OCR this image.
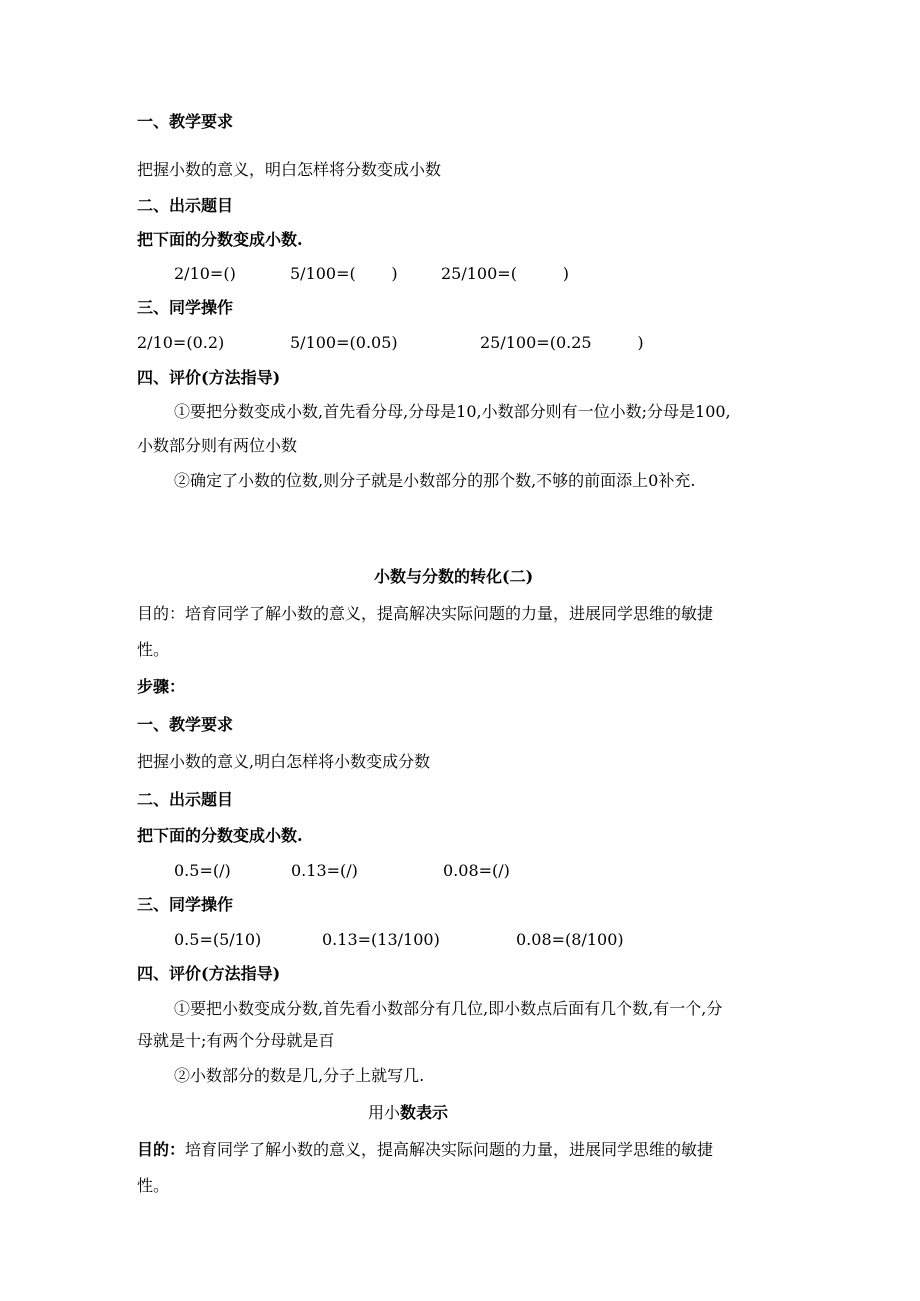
一、教学要求
把握小数的意义，明白怎样将分数变成小数
二、出示题目
把下面的分数变成小数.
2/10=()	5/100=(       )	25/100=(         )
三、同学操作
2/10=(0.2)	5/100=(0.05)	25/100=(0.25         )
四、评价(方法指导)
①要把分数变成小数,首先看分母,分母是10,小数部分则有一位小数;分母是100,
小数部分则有两位小数
②确定了小数的位数,则分子就是小数部分的那个数,不够的前面添上0补充.
小数与分数的转化(二)
目的：培育同学了解小数的意义，提高解决实际问题的力量，进展同学思维的敏捷
性。
步骤：
一、教学要求
把握小数的意义,明白怎样将小数变成分数
二、出示题目
把下面的分数变成小数.
0.5=(/)	0.13=(/)	0.08=(/)
三、同学操作
0.5=(5/10)	0.13=(13/100)	0.08=(8/100)
四、评价(方法指导)
①要把小数变成分数,首先看小数部分有几位,即小数点后面有几个数,有一个,分
母就是十;有两个分母就是百
②小数部分的数是几,分子上就写几.
用小数表示
目的：培育同学了解小数的意义，提高解决实际问题的力量，进展同学思维的敏捷
性。
